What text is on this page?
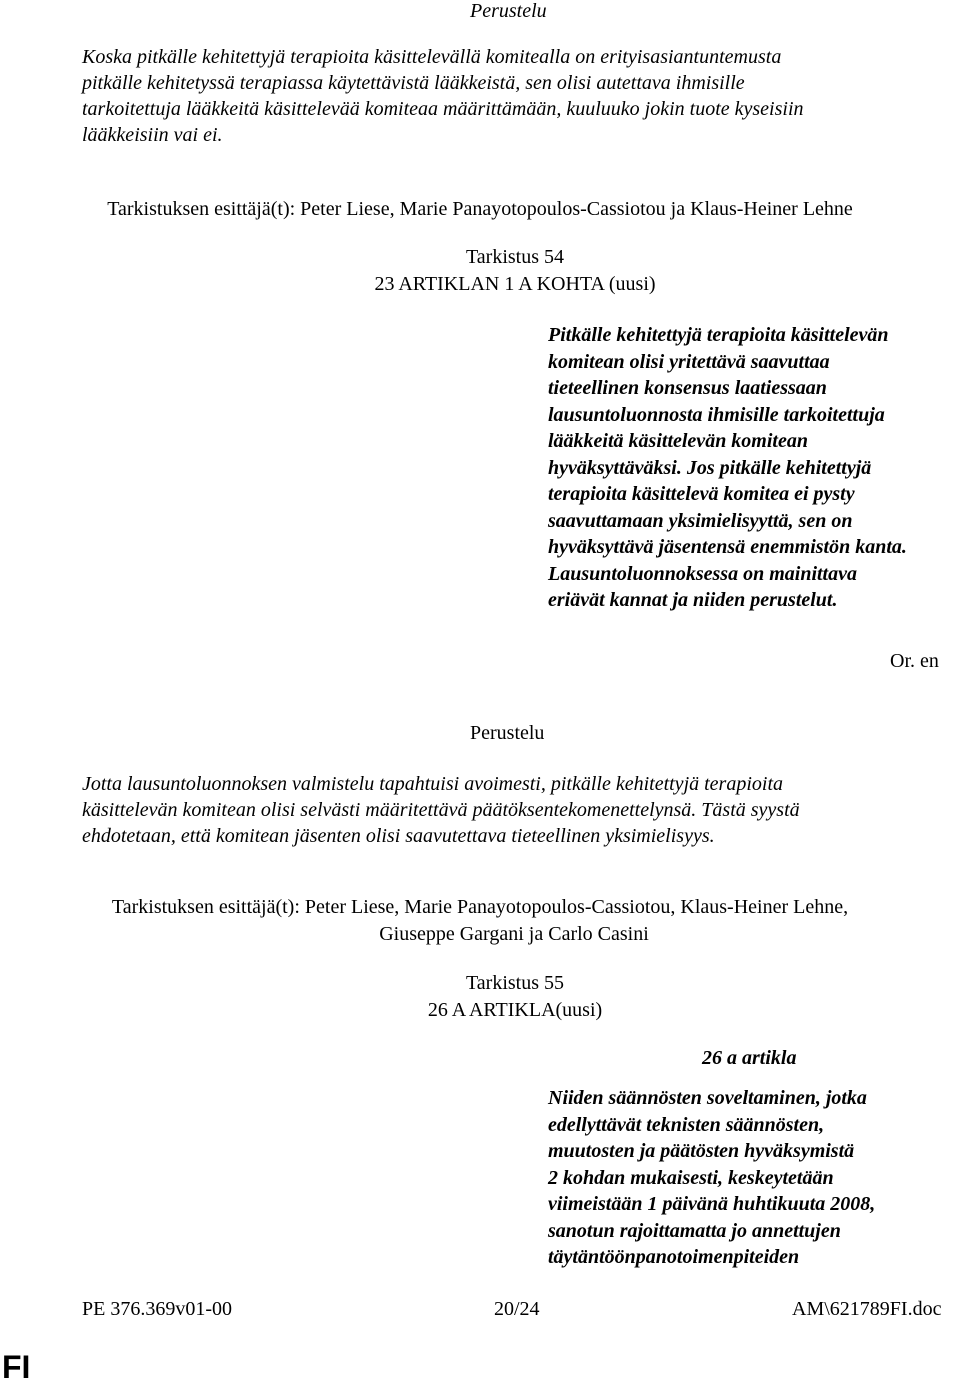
Perustelu
Koska pitkälle kehitettyjä terapioita käsittelevällä komitealla on erityisasiantuntemusta
pitkälle kehitetyssä terapiassa käytettävistä lääkkeistä, sen olisi autettava ihmisille
tarkoitettuja lääkkeitä käsittelevää komiteaa määrittämään, kuuluuko jokin tuote kyseisiin
lääkkeisiin vai ei.
Tarkistuksen esittäjä(t): Peter Liese, Marie Panayotopoulos-Cassiotou ja Klaus-Heiner Lehne
Tarkistus 54
23 ARTIKLAN 1 A KOHTA (uusi)
Pitkälle kehitettyjä terapioita käsittelevän
komitean olisi yritettävä saavuttaa
tieteellinen konsensus laatiessaan
lausuntoluonnosta ihmisille tarkoitettuja
lääkkeitä käsittelevän komitean
hyväksyttäväksi. Jos pitkälle kehitettyjä
terapioita käsittelevä komitea ei pysty
saavuttamaan yksimielisyyttä, sen on
hyväksyttävä jäsentensä enemmistön kanta.
Lausuntoluonnoksessa on mainittava
eriävät kannat ja niiden perustelut.
Or. en
Perustelu
Jotta lausuntoluonnoksen valmistelu tapahtuisi avoimesti, pitkälle kehitettyjä terapioita
käsittelevän komitean olisi selvästi määritettävä päätöksentekomenettelynsä. Tästä syystä
ehdotetaan, että komitean jäsenten olisi saavutettava tieteellinen yksimielisyys.
Tarkistuksen esittäjä(t): Peter Liese, Marie Panayotopoulos-Cassiotou, Klaus-Heiner Lehne,
Giuseppe Gargani ja Carlo Casini
Tarkistus 55
26 A ARTIKLA(uusi)
26 a artikla
Niiden säännösten soveltaminen, jotka
edellyttävät teknisten säännösten,
muutosten ja päätösten hyväksymistä
2 kohdan mukaisesti, keskeytetään
viimeistään 1 päivänä huhtikuuta 2008,
sanotun rajoittamatta jo annettujen
täytäntöönpanotoimenpiteiden
PE 376.369v01-00	20/24	AM\621789FI.doc
FI
